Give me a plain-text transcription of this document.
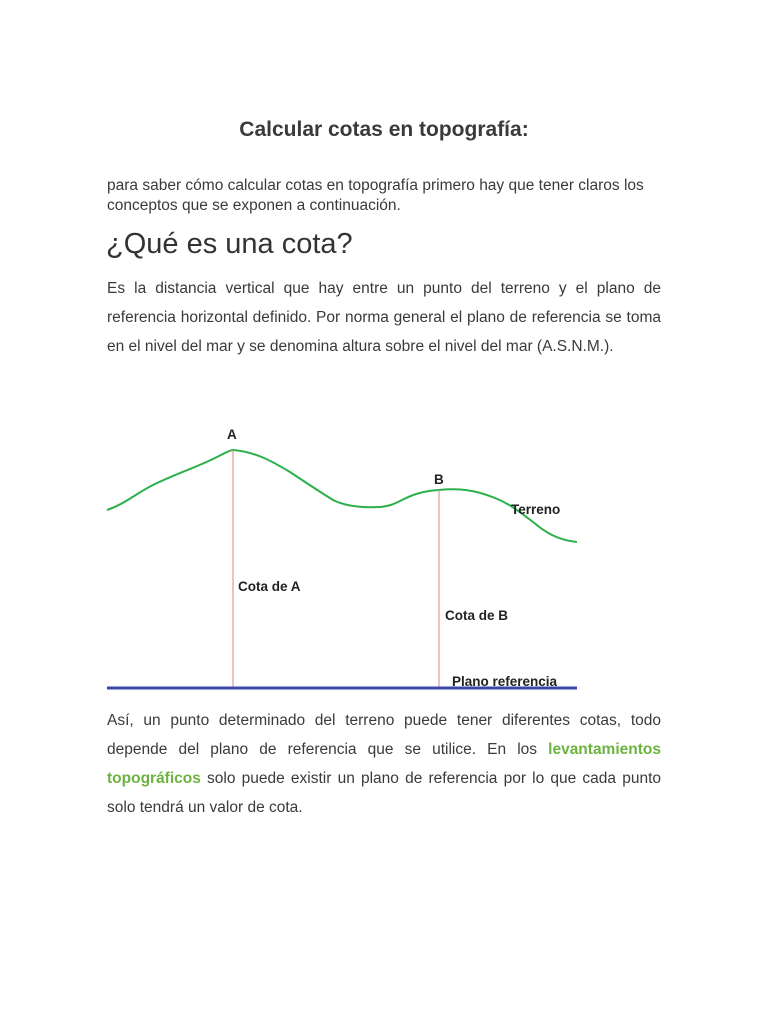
Calcular cotas en topografía:

para saber cómo calcular cotas en topografía primero hay que tener claros los conceptos que se exponen a continuación.

¿Qué es una cota?

Es la distancia vertical que hay entre un punto del terreno y el plano de referencia horizontal definido. Por norma general el plano de referencia se toma en el nivel del mar y se denomina altura sobre el nivel del mar (A.S.N.M.).

A
B
Terreno
Cota de A
Cota de B
Plano referencia

Así, un punto determinado del terreno puede tener diferentes cotas, todo depende del plano de referencia que se utilice. En los levantamientos topográficos solo puede existir un plano de referencia por lo que cada punto solo tendrá un valor de cota.
